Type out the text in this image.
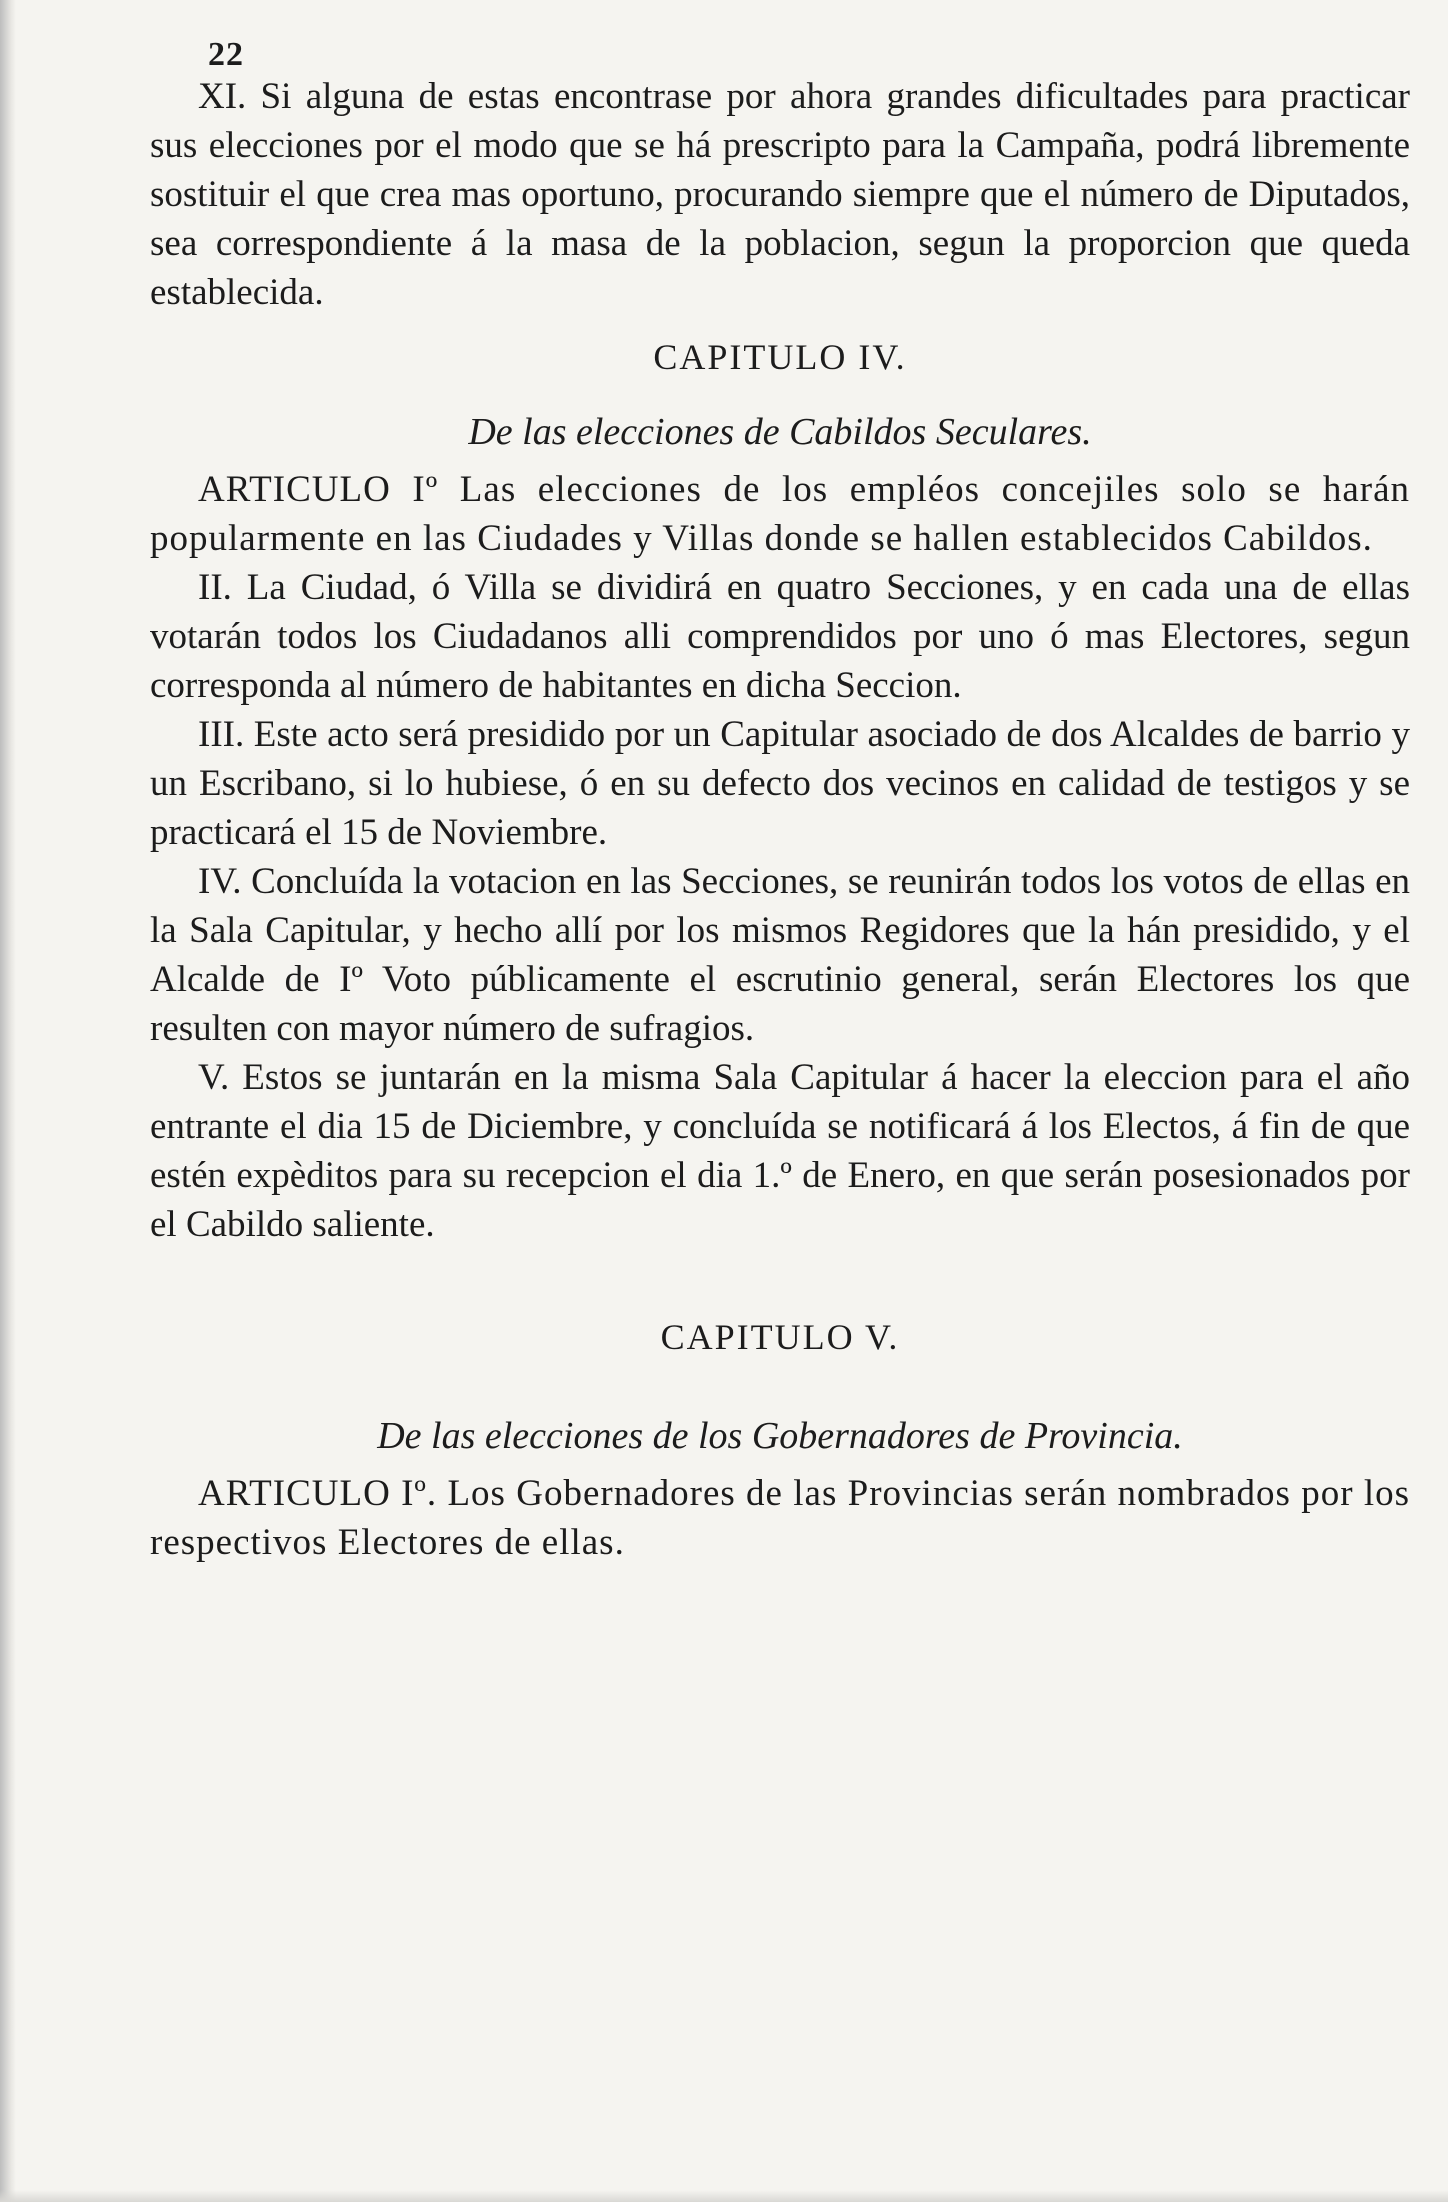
22

XI. Si alguna de estas encontrase por ahora grandes dificultades para practicar sus elecciones por el modo que se há prescripto para la Campaña, podrá libremente sostituir el que crea mas oportuno, procurando siempre que el número de Diputados, sea correspondiente á la masa de la poblacion, segun la proporcion que queda establecida.

CAPITULO IV.
De las elecciones de Cabildos Seculares.

ARTICULO Iº Las elecciones de los empléos concejiles solo se harán popularmente en las Ciudades y Villas donde se hallen establecidos Cabildos.

II. La Ciudad, ó Villa se dividirá en quatro Secciones, y en cada una de ellas votarán todos los Ciudadanos alli comprendidos por uno ó mas Electores, segun corresponda al número de habitantes en dicha Seccion.

III. Este acto será presidido por un Capitular asociado de dos Alcaldes de barrio y un Escribano, si lo hubiese, ó en su defecto dos vecinos en calidad de testigos y se practicará el 15 de Noviembre.

IV. Concluída la votacion en las Secciones, se reunirán todos los votos de ellas en la Sala Capitular, y hecho allí por los mismos Regidores que la hán presidido, y el Alcalde de Iº Voto públicamente el escrutinio general, serán Electores los que resulten con mayor número de sufragios.

V. Estos se juntarán en la misma Sala Capitular á hacer la eleccion para el año entrante el dia 15 de Diciembre, y concluída se notificará á los Electos, á fin de que estén expèditos para su recepcion el dia 1.º de Enero, en que serán posesionados por el Cabildo saliente.

CAPITULO V.
De las elecciones de los Gobernadores de Provincia.

ARTICULO Iº. Los Gobernadores de las Provincias serán nombrados por los respectivos Electores de ellas.
